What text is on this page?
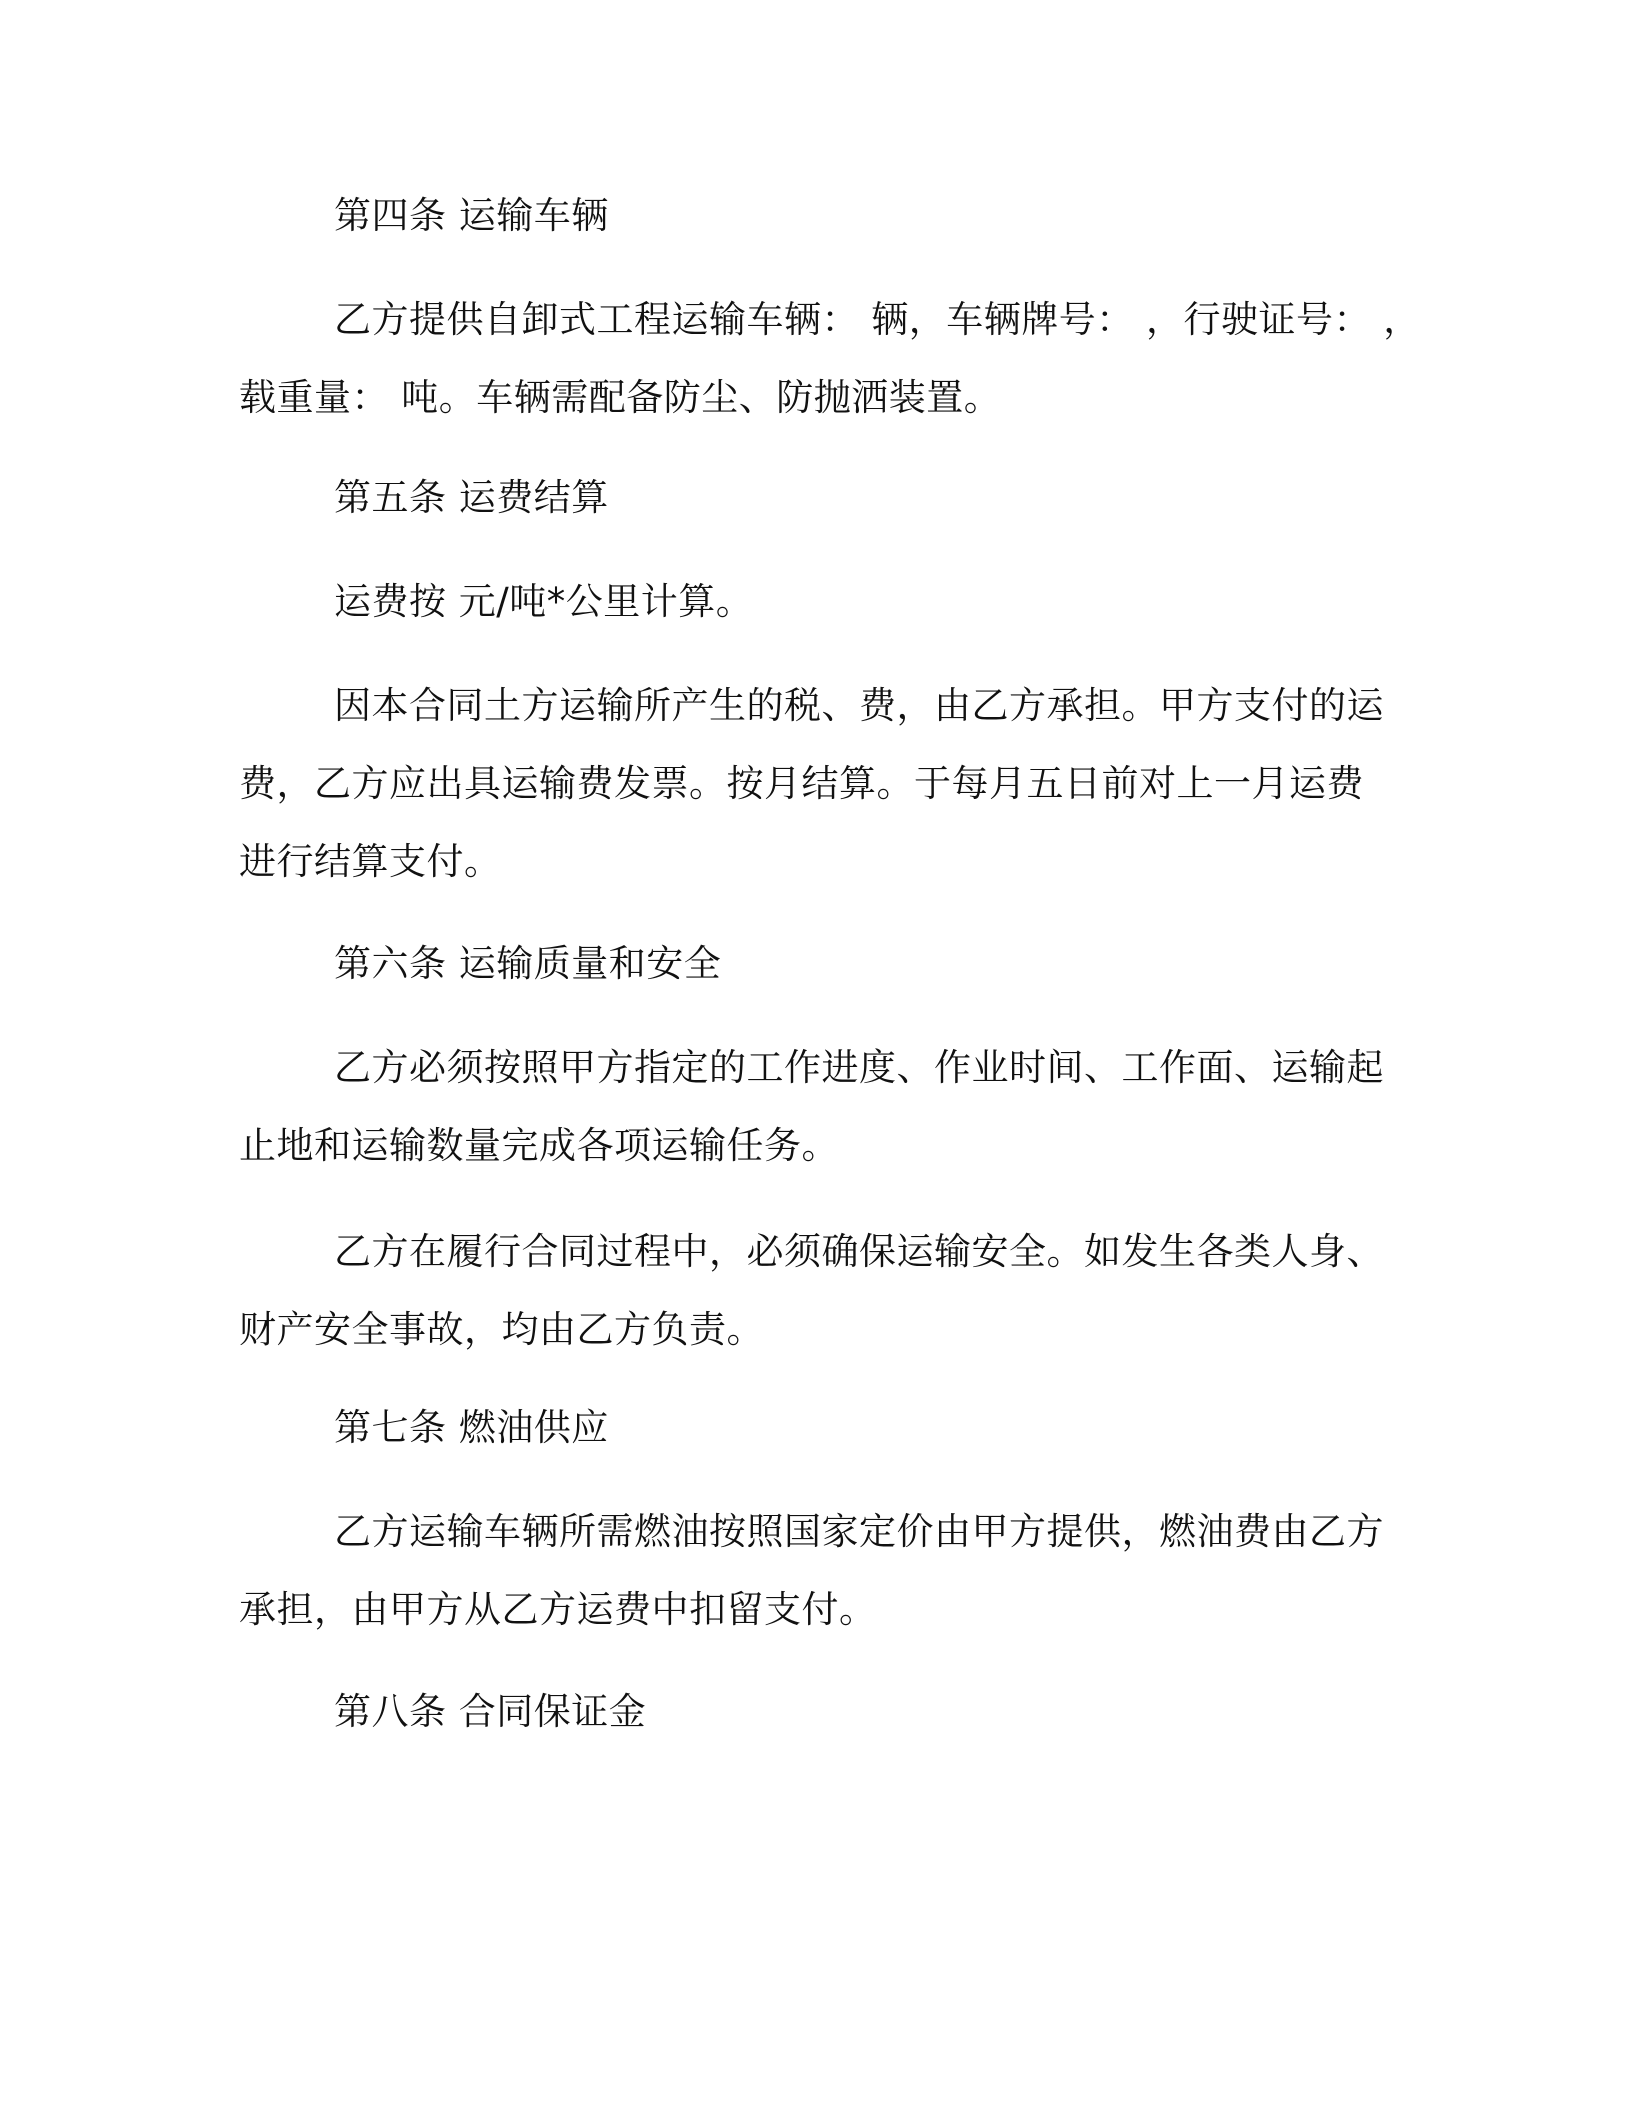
第四条 运输车辆

乙方提供自卸式工程运输车辆： 辆，车辆牌号： ，行驶证号： ，

载重量： 吨。车辆需配备防尘、防抛洒装置。

第五条 运费结算

运费按 元/吨*公里计算。

因本合同土方运输所产生的税、费，由乙方承担。甲方支付的运

费，乙方应出具运输费发票。按月结算。于每月五日前对上一月运费

进行结算支付。

第六条 运输质量和安全

乙方必须按照甲方指定的工作进度、作业时间、工作面、运输起

止地和运输数量完成各项运输任务。

乙方在履行合同过程中，必须确保运输安全。如发生各类人身、

财产安全事故，均由乙方负责。

第七条 燃油供应

乙方运输车辆所需燃油按照国家定价由甲方提供，燃油费由乙方

承担，由甲方从乙方运费中扣留支付。

第八条 合同保证金
